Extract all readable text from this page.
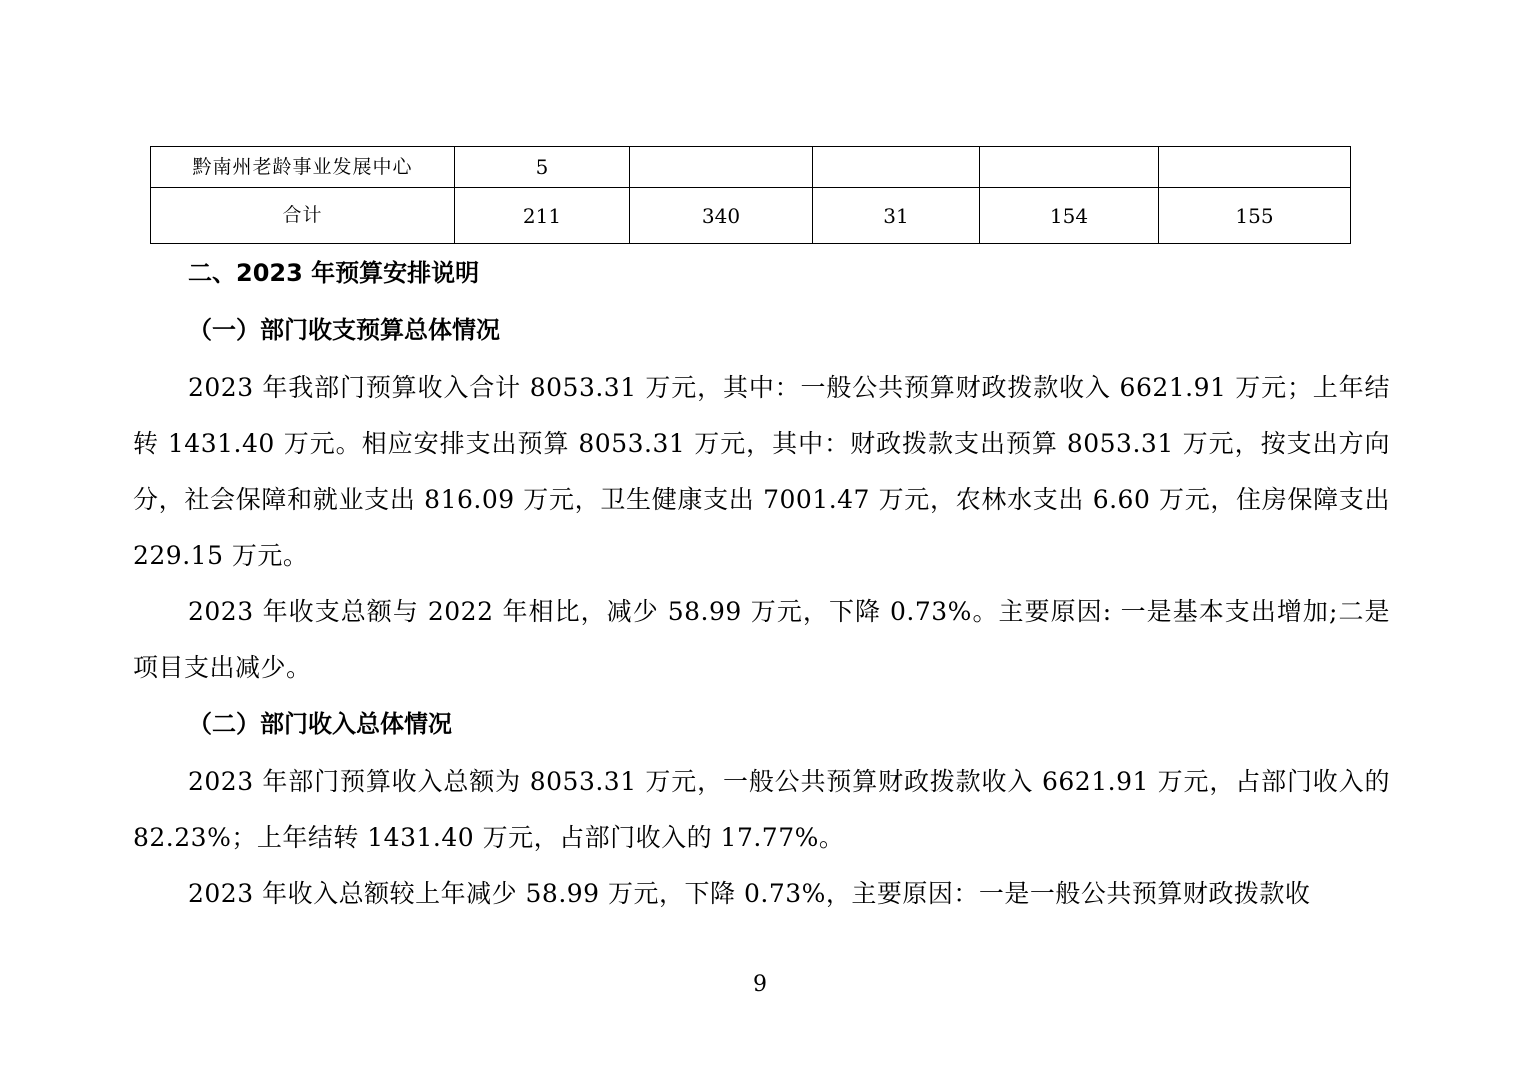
黔南州老龄事业发展中心	5				
合计	211	340	31	154	155
二、2023 年预算安排说明
（一）部门收支预算总体情况

2023 年我部门预算收入合计 8053.31 万元，其中：一般公共预算财政拨款收入 6621.91 万元；上年结转 1431.40 万元。相应安排支出预算 8053.31 万元，其中：财政拨款支出预算 8053.31 万元，按支出方向分，社会保障和就业支出 816.09 万元，卫生健康支出 7001.47 万元，农林水支出 6.60 万元，住房保障支出 229.15 万元。

2023 年收支总额与 2022 年相比，减少 58.99 万元，下降 0.73%。主要原因: 一是基本支出增加;二是项目支出减少。

（二）部门收入总体情况

2023 年部门预算收入总额为 8053.31 万元，一般公共预算财政拨款收入 6621.91 万元，占部门收入的 82.23%；上年结转 1431.40 万元，占部门收入的 17.77%。

2023 年收入总额较上年减少 58.99 万元，下降 0.73%，主要原因：一是一般公共预算财政拨款收

9
